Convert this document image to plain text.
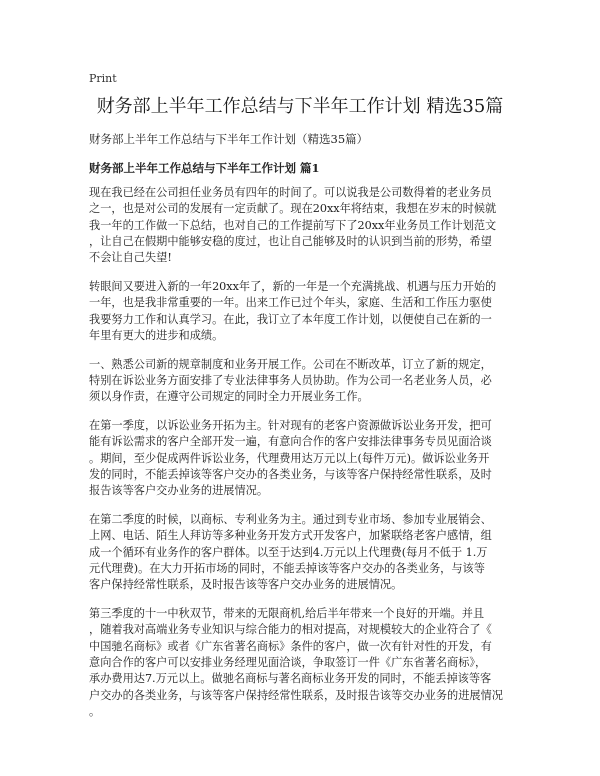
Print
财务部上半年工作总结与下半年工作计划 精选35篇
财务部上半年工作总结与下半年工作计划（精选35篇）
财务部上半年工作总结与下半年工作计划 篇1

现在我已经在公司担任业务员有四年的时间了。可以说我是公司数得着的老业务员
之一，也是对公司的发展有一定贡献了。现在20xx年将结束，我想在岁末的时候就
我一年的工作做一下总结，也对自己的工作提前写下了20xx年业务员工作计划范文
，让自己在假期中能够安稳的度过，也让自己能够及时的认识到当前的形势，希望
不会让自己失望!

转眼间又要进入新的一年20xx年了，新的一年是一个充满挑战、机遇与压力开始的
一年，也是我非常重要的一年。出来工作已过个年头，家庭、生活和工作压力驱使
我要努力工作和认真学习。在此，我订立了本年度工作计划，以便使自己在新的一
年里有更大的进步和成绩。

一、熟悉公司新的规章制度和业务开展工作。公司在不断改革，订立了新的规定，
特别在诉讼业务方面安排了专业法律事务人员协助。作为公司一名老业务人员，必
须以身作责，在遵守公司规定的同时全力开展业务工作。

在第一季度，以诉讼业务开拓为主。针对现有的老客户资源做诉讼业务开发，把可
能有诉讼需求的客户全部开发一遍，有意向合作的客户安排法律事务专员见面洽谈
。期间，至少促成两件诉讼业务，代理费用达万元以上(每件万元)。做诉讼业务开
发的同时，不能丢掉该等客户交办的各类业务，与该等客户保持经常性联系，及时
报告该等客户交办业务的进展情况。

在第二季度的时候，以商标、专利业务为主。通过到专业市场、参加专业展销会、
上网、电话、陌生人拜访等多种业务开发方式开发客户，加紧联络老客户感情，组
成一个循环有业务作的客户群体。以至于达到4.万元以上代理费(每月不低于 1.万
元代理费)。在大力开拓市场的同时，不能丢掉该等客户交办的各类业务，与该等
客户保持经常性联系，及时报告该等客户交办业务的进展情况。

第三季度的十一中秋双节，带来的无限商机,给后半年带来一个良好的开端。并且
，随着我对高端业务专业知识与综合能力的相对提高，对规模较大的企业符合了《
中国驰名商标》或者《广东省著名商标》条件的客户，做一次有针对性的开发，有
意向合作的客户可以安排业务经理见面洽谈，争取签订一件《广东省著名商标》，
承办费用达7.万元以上。做驰名商标与著名商标业务开发的同时，不能丢掉该等客
户交办的各类业务，与该等客户保持经常性联系，及时报告该等交办业务的进展情况
。
